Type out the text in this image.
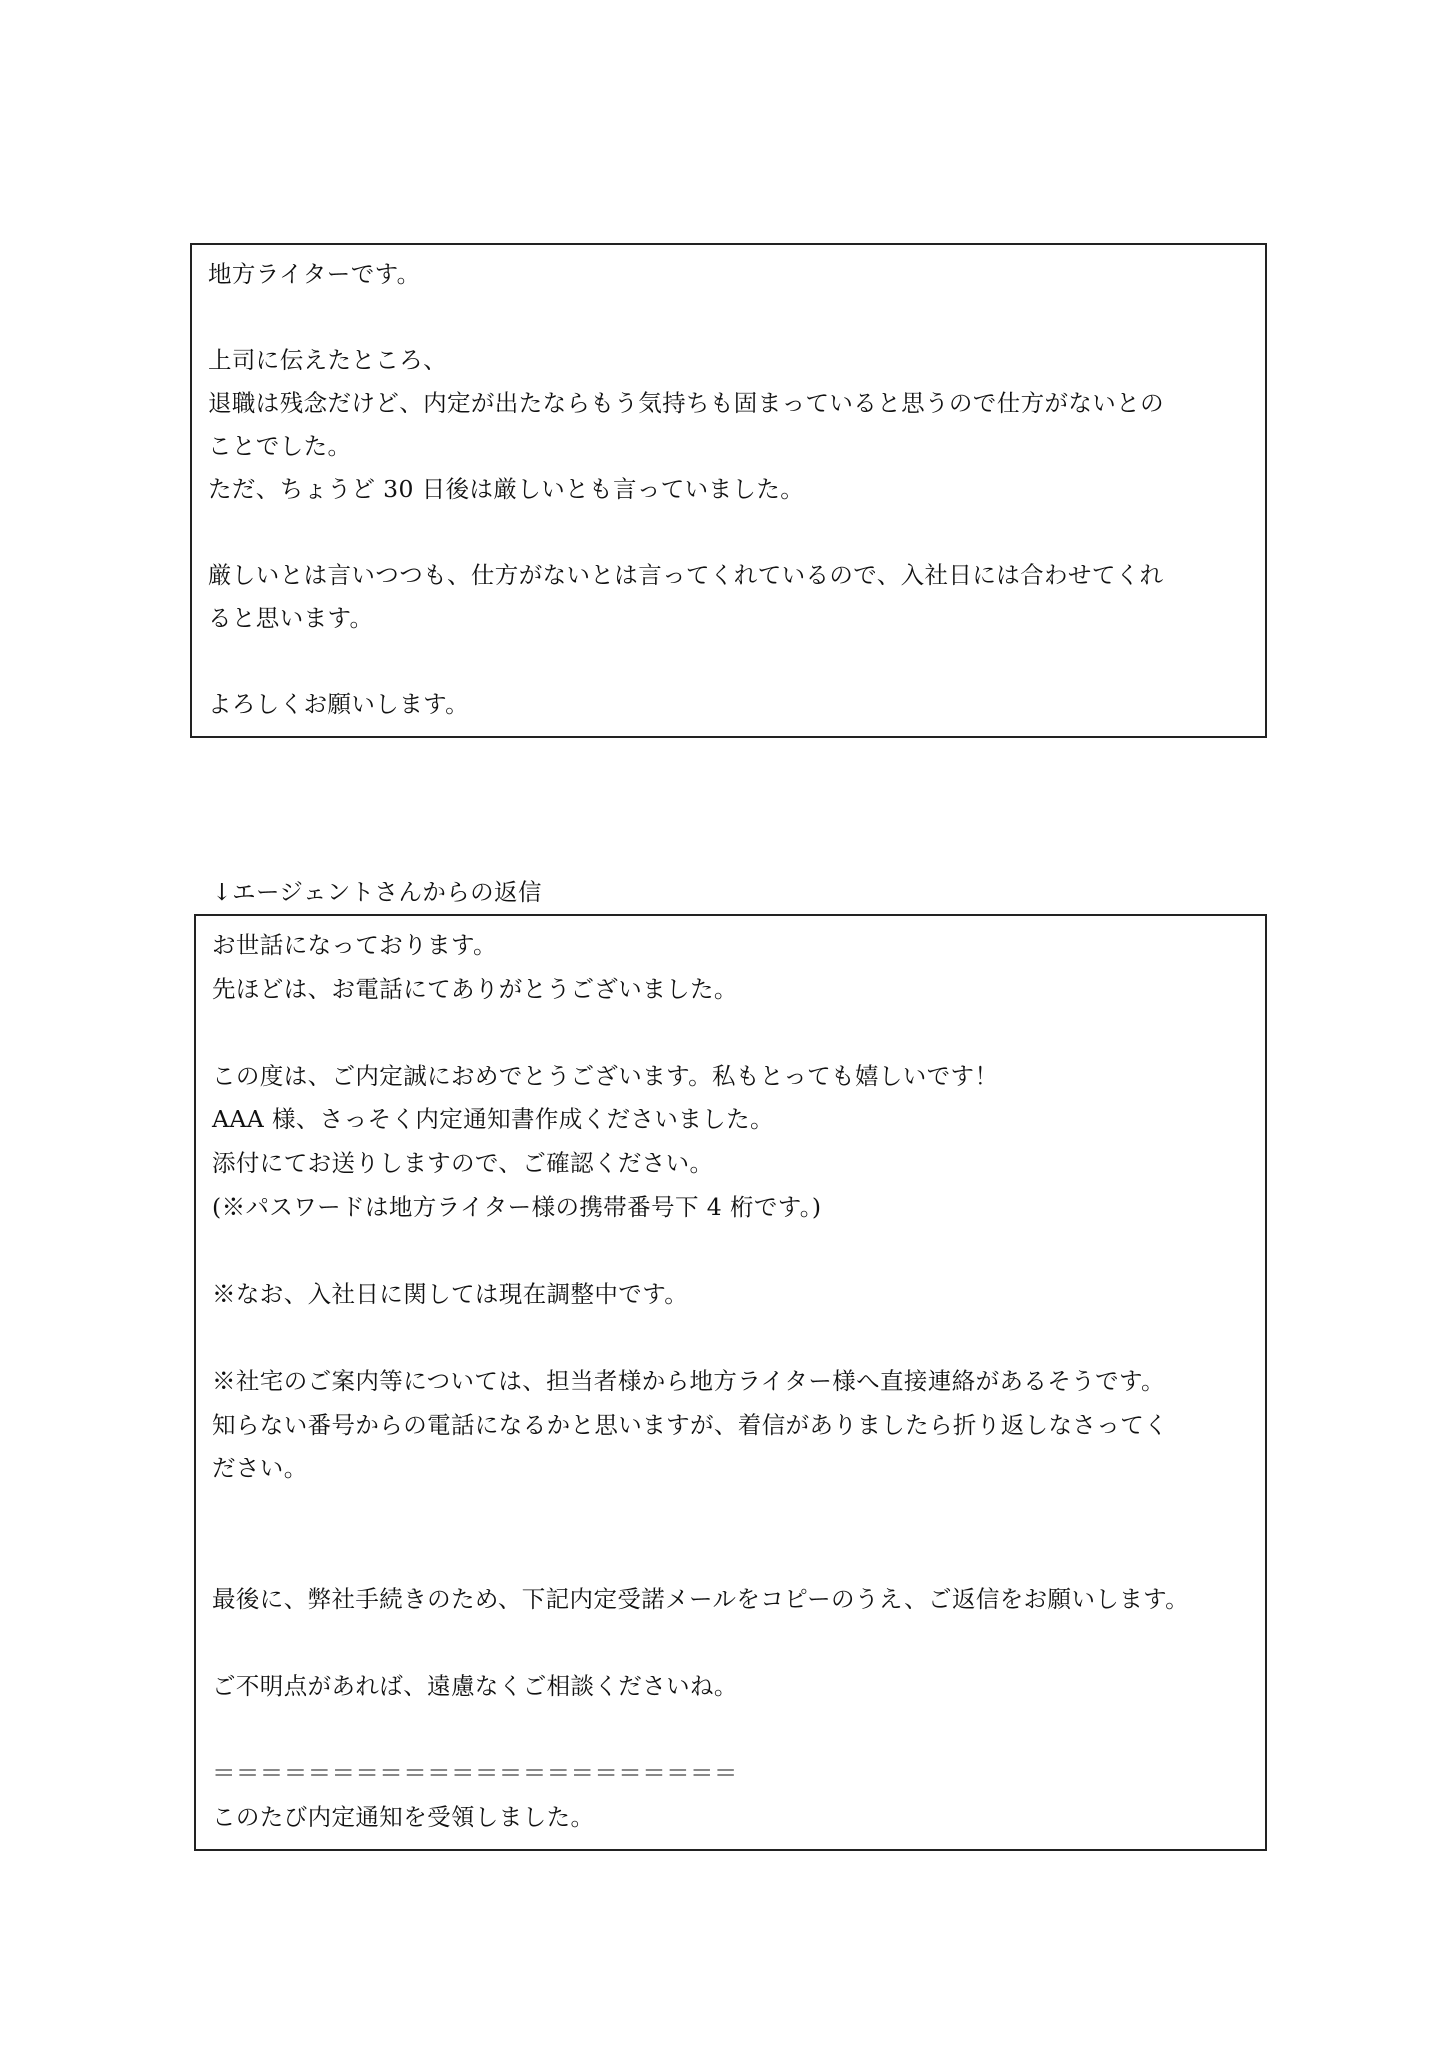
地方ライターです。
上司に伝えたところ、
退職は残念だけど、内定が出たならもう気持ちも固まっていると思うので仕方がないとの
ことでした。
ただ、ちょうど 30 日後は厳しいとも言っていました。
厳しいとは言いつつも、仕方がないとは言ってくれているので、入社日には合わせてくれ
ると思います。
よろしくお願いします。
↓エージェントさんからの返信
お世話になっております。
先ほどは、お電話にてありがとうございました。
この度は、ご内定誠におめでとうございます。私もとっても嬉しいです！
AAA 様、さっそく内定通知書作成くださいました。
添付にてお送りしますので、ご確認ください。
(※パスワードは地方ライター様の携帯番号下 4 桁です。)
※なお、入社日に関しては現在調整中です。
※社宅のご案内等については、担当者様から地方ライター様へ直接連絡があるそうです。
知らない番号からの電話になるかと思いますが、着信がありましたら折り返しなさってく
ださい。
最後に、弊社手続きのため、下記内定受諾メールをコピーのうえ、ご返信をお願いします。
ご不明点があれば、遠慮なくご相談くださいね。
＝＝＝＝＝＝＝＝＝＝＝＝＝＝＝＝＝＝＝＝＝＝
このたび内定通知を受領しました。
